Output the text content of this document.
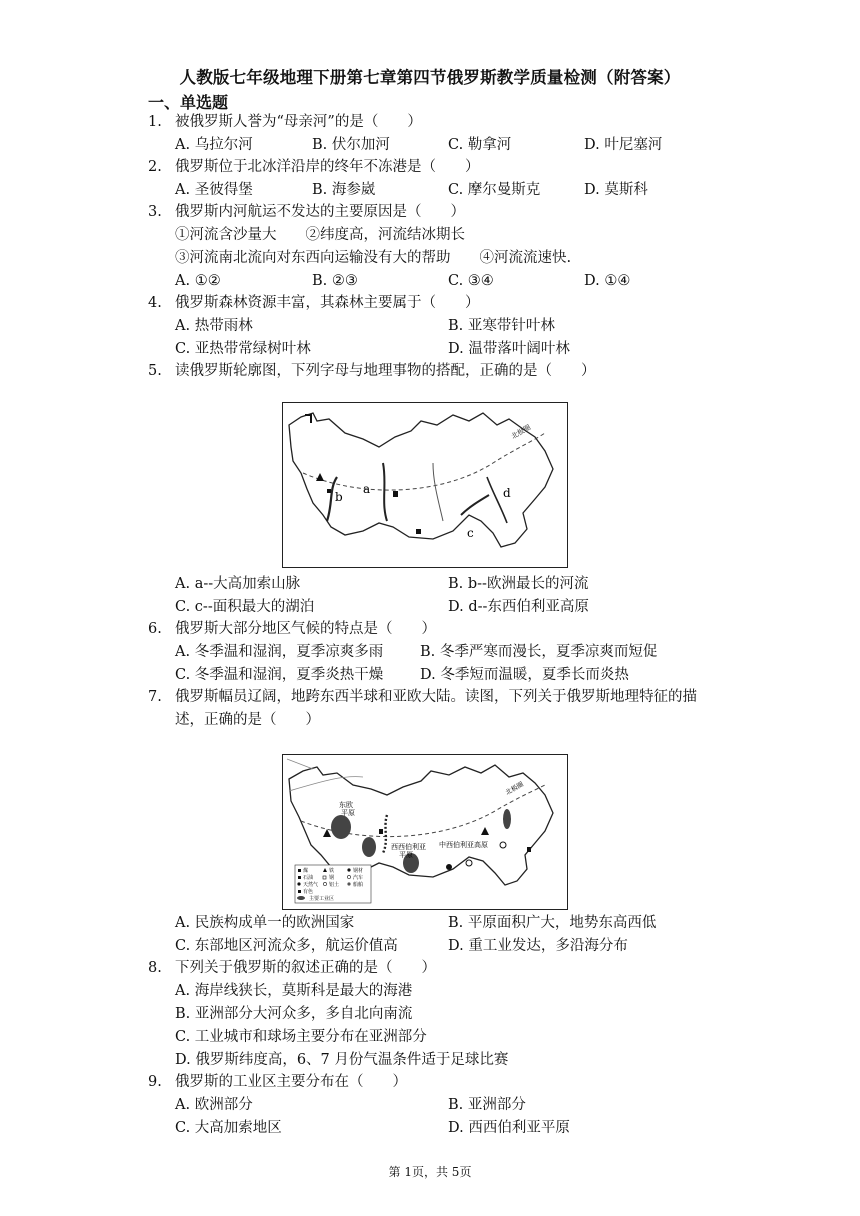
人教版七年级地理下册第七章第四节俄罗斯教学质量检测（附答案）
一、单选题
1. 被俄罗斯人誉为“母亲河”的是（　　）
A. 乌拉尔河	B. 伏尔加河	C. 勒拿河	D. 叶尼塞河
2. 俄罗斯位于北冰洋沿岸的终年不冻港是（　　）
A. 圣彼得堡	B. 海参崴	C. 摩尔曼斯克	D. 莫斯科
3. 俄罗斯内河航运不发达的主要原因是（　　）
①河流含沙量大　　②纬度高，河流结冰期长
③河流南北流向对东西向运输没有大的帮助　　④河流流速快.
A. ①②	B. ②③	C. ③④	D. ①④
4. 俄罗斯森林资源丰富，其森林主要属于（　　）
A. 热带雨林	B. 亚寒带针叶林
C. 亚热带常绿树叶林	D. 温带落叶阔叶林
5. 读俄罗斯轮廓图，下列字母与地理事物的搭配，正确的是（　　）
北极圈
a
b
c
d
A. a--大高加索山脉	B. b--欧洲最长的河流
C. c--面积最大的湖泊	D. d--东西伯利亚高原
6. 俄罗斯大部分地区气候的特点是（　　）
A. 冬季温和湿润，夏季凉爽多雨	B. 冬季严寒而漫长，夏季凉爽而短促
C. 冬季温和湿润，夏季炎热干燥	D. 冬季短而温暖，夏季长而炎热
7. 俄罗斯幅员辽阔，地跨东西半球和亚欧大陆。读图，下列关于俄罗斯地理特征的描
述，正确的是（　　）
北极圈
东欧
平原
西西伯利亚
平原
中西伯利亚高原
煤	铁	钢材
石油	钢	汽车
天然气 铝土
有色
船舶
主要工业区
A. 民族构成单一的欧洲国家	B. 平原面积广大，地势东高西低
C. 东部地区河流众多，航运价值高	D. 重工业发达，多沿海分布
8. 下列关于俄罗斯的叙述正确的是（　　）
A. 海岸线狭长，莫斯科是最大的海港
B. 亚洲部分大河众多，多自北向南流
C. 工业城市和球场主要分布在亚洲部分
D. 俄罗斯纬度高，6、7 月份气温条件适于足球比赛
9. 俄罗斯的工业区主要分布在（　　）
A. 欧洲部分	B. 亚洲部分
C. 大高加索地区	D. 西西伯利亚平原
第 1页，共 5页
